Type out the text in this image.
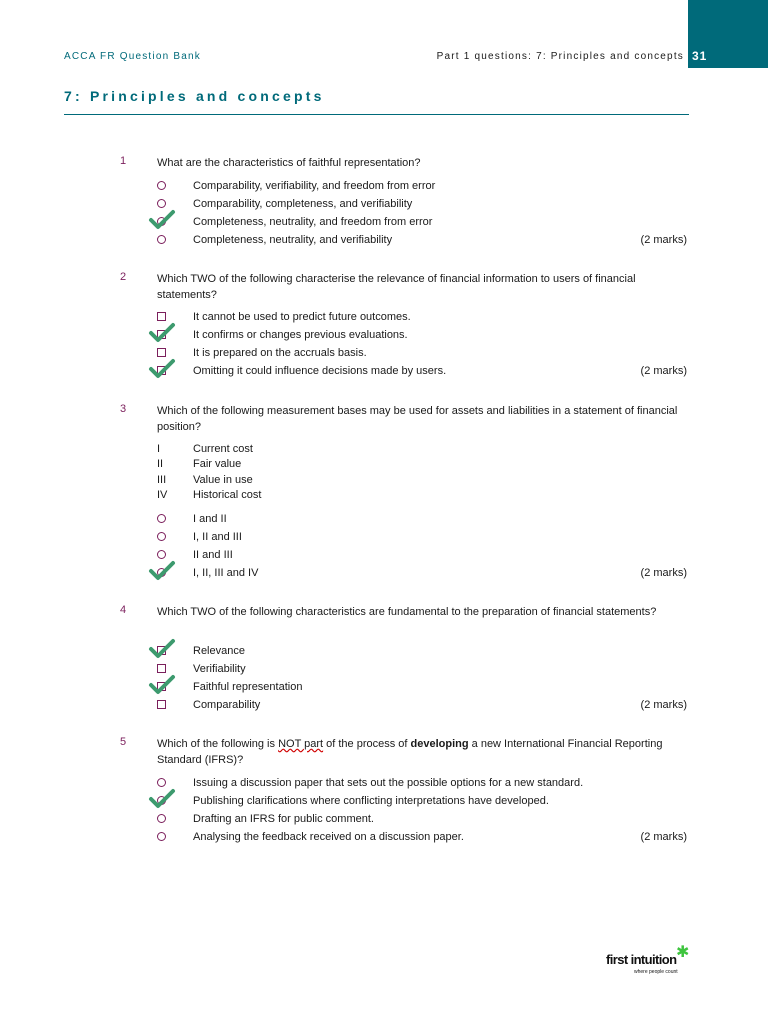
31
ACCA FR Question Bank	Part 1 questions: 7: Principles and concepts
7: Principles and concepts
1	What are the characteristics of faithful representation?
Comparability, verifiability, and freedom from error
Comparability, completeness, and verifiability
Completeness, neutrality, and freedom from error
Completeness, neutrality, and verifiability	(2 marks)
2	Which TWO of the following characterise the relevance of financial information to users of financial statements?
It cannot be used to predict future outcomes.
It confirms or changes previous evaluations.
It is prepared on the accruals basis.
Omitting it could influence decisions made by users.	(2 marks)
3	Which of the following measurement bases may be used for assets and liabilities in a statement of financial position?
I	Current cost
II	Fair value
III Value in use
IV Historical cost
I and II
I, II and III
II and III
I, II, III and IV	(2 marks)
4	Which TWO of the following characteristics are fundamental to the preparation of financial statements?
Relevance
Verifiability
Faithful representation
Comparability	(2 marks)
5	Which of the following is NOT part of the process of developing a new International Financial Reporting Standard (IFRS)?
Issuing a discussion paper that sets out the possible options for a new standard.
Publishing clarifications where conflicting interpretations have developed.
Drafting an IFRS for public comment.
Analysing the feedback received on a discussion paper.	(2 marks)
first intuition
where people count
✱
